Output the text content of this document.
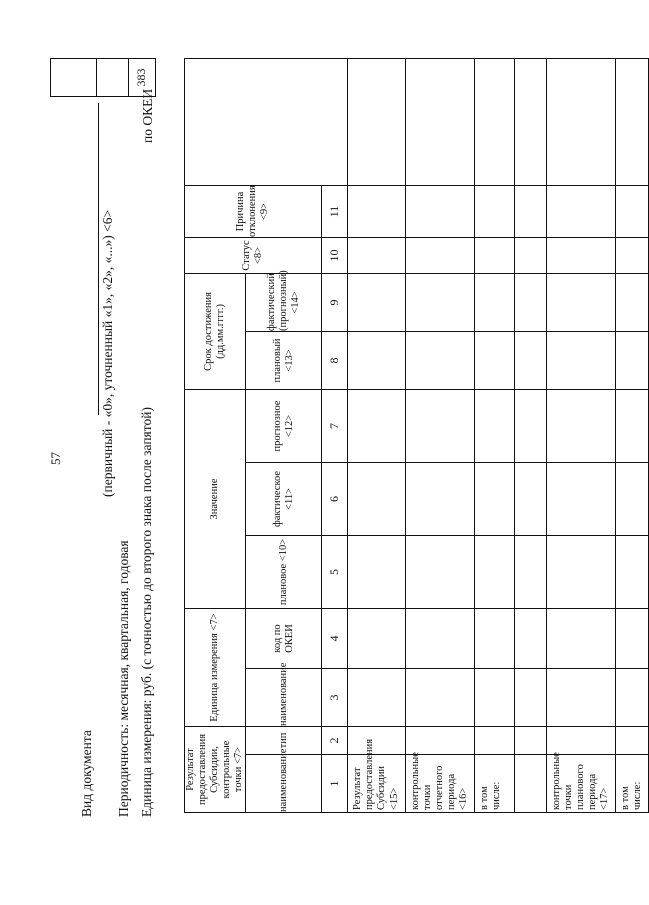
57
Вид документа
(первичный - «0», уточненный «1», «2», «...») <6>
Периодичность: месячная, квартальная, годовая Единица измерения: руб. (с точностью до второго знака после запятой)
по ОКЕИ

383
Результат предоставления Субсидии, контрольные точки <7>		Единица измерения <7>		Значение			Срок достижения (дд.мм.гггг.)		Статус <8>	Причина отклонения <9>	
наименование	тип	наименование	код по ОКЕИ	плановое <10>	фактическое <11>	прогнозное <12>	плановый <13>	фактический (прогнозный) <14>			
1	2	3	4	5	6	7	8	9	10	11	
Результат предоставления Субсидии <15>											
контрольные точки отчетного периода <16>											
в том числе:											

контрольные точки планового периода <17>											
в том числе:											
